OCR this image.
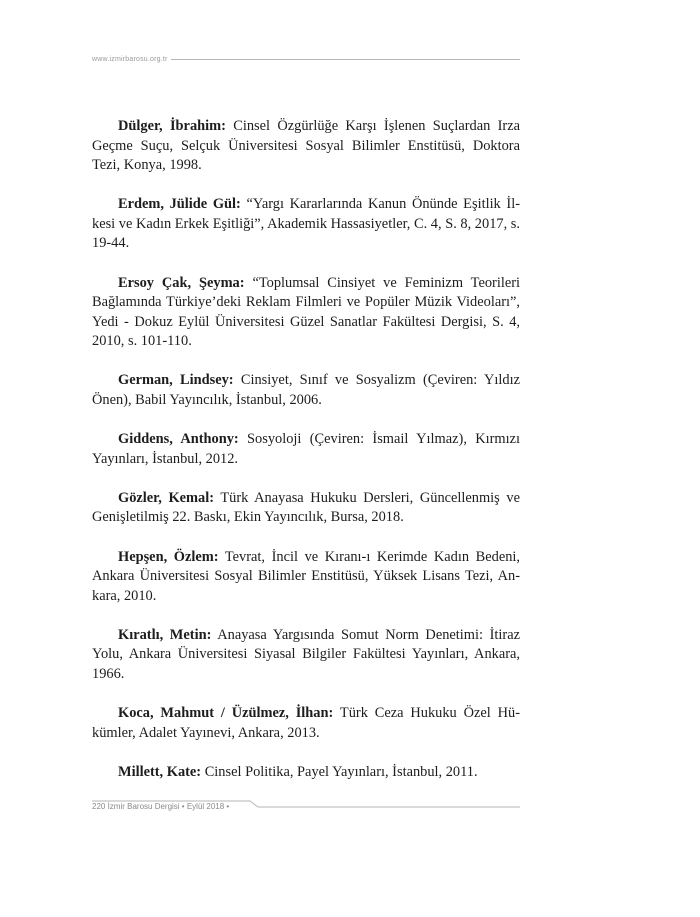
www.izmirbarosu.org.tr

Dülger, İbrahim: Cinsel Özgürlüğe Karşı İşlenen Suçlardan Irza Geçme Suçu, Selçuk Üniversitesi Sosyal Bilimler Enstitüsü, Doktora Tezi, Konya, 1998.

Erdem, Jülide Gül: “Yargı Kararlarında Kanun Önünde Eşitlik İlkesi ve Kadın Erkek Eşitliği”, Akademik Hassasiyetler, C. 4, S. 8, 2017, s. 19-44.

Ersoy Çak, Şeyma: “Toplumsal Cinsiyet ve Feminizm Teorileri Bağlamında Türkiye’deki Reklam Filmleri ve Popüler Müzik Videoları”, Yedi - Dokuz Eylül Üniversitesi Güzel Sanatlar Fakültesi Dergisi, S. 4, 2010, s. 101-110.

German, Lindsey: Cinsiyet, Sınıf ve Sosyalizm (Çeviren: Yıldız Önen), Babil Yayıncılık, İstanbul, 2006.

Giddens, Anthony: Sosyoloji (Çeviren: İsmail Yılmaz), Kırmızı Yayınları, İstanbul, 2012.

Gözler, Kemal: Türk Anayasa Hukuku Dersleri, Güncellenmiş ve Genişletilmiş 22. Baskı, Ekin Yayıncılık, Bursa, 2018.

Hepşen, Özlem: Tevrat, İncil ve Kıranı-ı Kerimde Kadın Bedeni, Ankara Üniversitesi Sosyal Bilimler Enstitüsü, Yüksek Lisans Tezi, Ankara, 2010.

Kıratlı, Metin: Anayasa Yargısında Somut Norm Denetimi: İtiraz Yolu, Ankara Üniversitesi Siyasal Bilgiler Fakültesi Yayınları, Ankara, 1966.

Koca, Mahmut / Üzülmez, İlhan: Türk Ceza Hukuku Özel Hükümler, Adalet Yayınevi, Ankara, 2013.

Millett, Kate: Cinsel Politika, Payel Yayınları, İstanbul, 2011.

220 İzmir Barosu Dergisi • Eylül 2018 •
